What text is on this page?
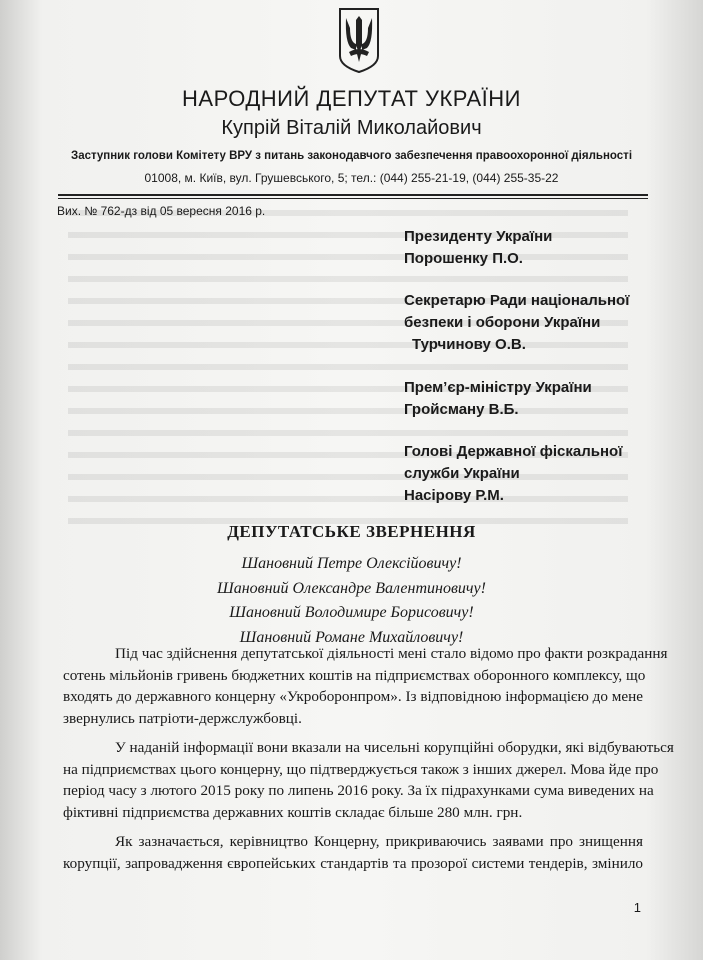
НАРОДНИЙ ДЕПУТАТ УКРАЇНИ
Купрій Віталій Миколайович
Заступник голови Комітету ВРУ з питань законодавчого забезпечення правоохоронної діяльності
01008, м. Київ, вул. Грушевського, 5; тел.: (044) 255-21-19, (044) 255-35-22
Вих. № 762-дз від 05 вересня 2016 р.
Президенту України
Порошенку П.О.
Секретарю Ради національної
безпеки і оборони України
Турчинову О.В.
Прем’єр-міністру України
Гройсману В.Б.
Голові Державної фіскальної
служби України
Насірову Р.М.
ДЕПУТАТСЬКЕ ЗВЕРНЕННЯ
Шановний Петре Олексійовичу!
Шановний Олександре Валентиновичу!
Шановний Володимире Борисовичу!
Шановний Романе Михайловичу!

Під час здійснення депутатської діяльності мені стало відомо про факти розкрадання
сотень мільйонів гривень бюджетних коштів на підприємствах оборонного комплексу, що
входять до державного концерну «Укроборонпром». Із відповідною інформацією до мене
звернулись патріоти-держслужбовці.

У наданій інформації вони вказали на чисельні корупційні оборудки, які відбуваються
на підприємствах цього концерну, що підтверджується також з інших джерел. Мова йде про
період часу з лютого 2015 року по липень 2016 року. За їх підрахунками сума виведених на
фіктивні підприємства державних коштів складає більше 280 млн. грн.

Як зазначається, керівництво Концерну, прикриваючись заявами про знищення
корупції, запровадження європейських стандартів та прозорої системи тендерів, змінило

1
